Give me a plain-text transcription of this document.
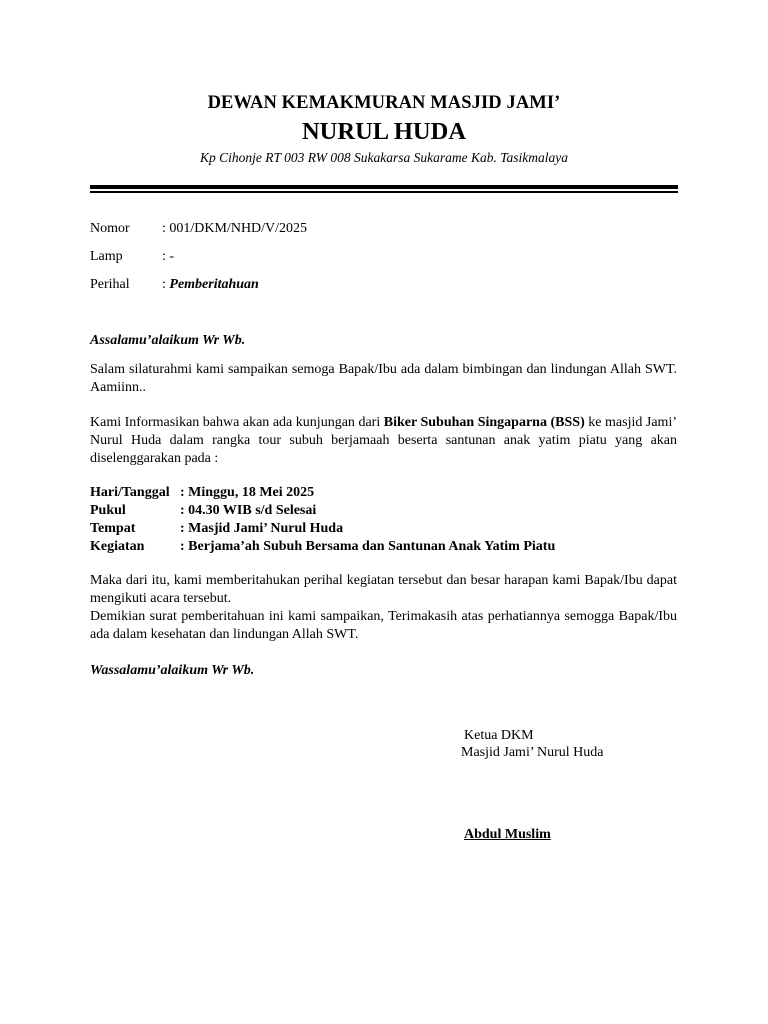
DEWAN KEMAKMURAN MASJID JAMI’
NURUL HUDA
Kp Cihonje RT 003 RW 008 Sukakarsa Sukarame Kab. Tasikmalaya
Nomor : 001/DKM/NHD/V/2025
Lamp	: -
Perihal : Pemberitahuan
Assalamu’alaikum Wr Wb.
Salam silaturahmi kami sampaikan semoga Bapak/Ibu ada dalam bimbingan dan lindungan Allah SWT. Aamiinn..
Kami Informasikan bahwa akan ada kunjungan dari Biker Subuhan Singaparna (BSS) ke masjid Jami’ Nurul Huda dalam rangka tour subuh berjamaah beserta santunan anak yatim piatu yang akan diselenggarakan pada :
Hari/Tanggal : Minggu, 18 Mei 2025
Pukul	: 04.30 WIB s/d Selesai
Tempat	: Masjid Jami’ Nurul Huda
Kegiatan	: Berjama’ah Subuh Bersama dan Santunan Anak Yatim Piatu
Maka dari itu, kami memberitahukan perihal kegiatan tersebut dan besar harapan kami Bapak/Ibu dapat mengikuti acara tersebut.
Demikian surat pemberitahuan ini kami sampaikan, Terimakasih atas perhatiannya semogga Bapak/Ibu ada dalam kesehatan dan lindungan Allah SWT.
Wassalamu’alaikum Wr Wb.
Ketua DKM
Masjid Jami’ Nurul Huda
Abdul Muslim
